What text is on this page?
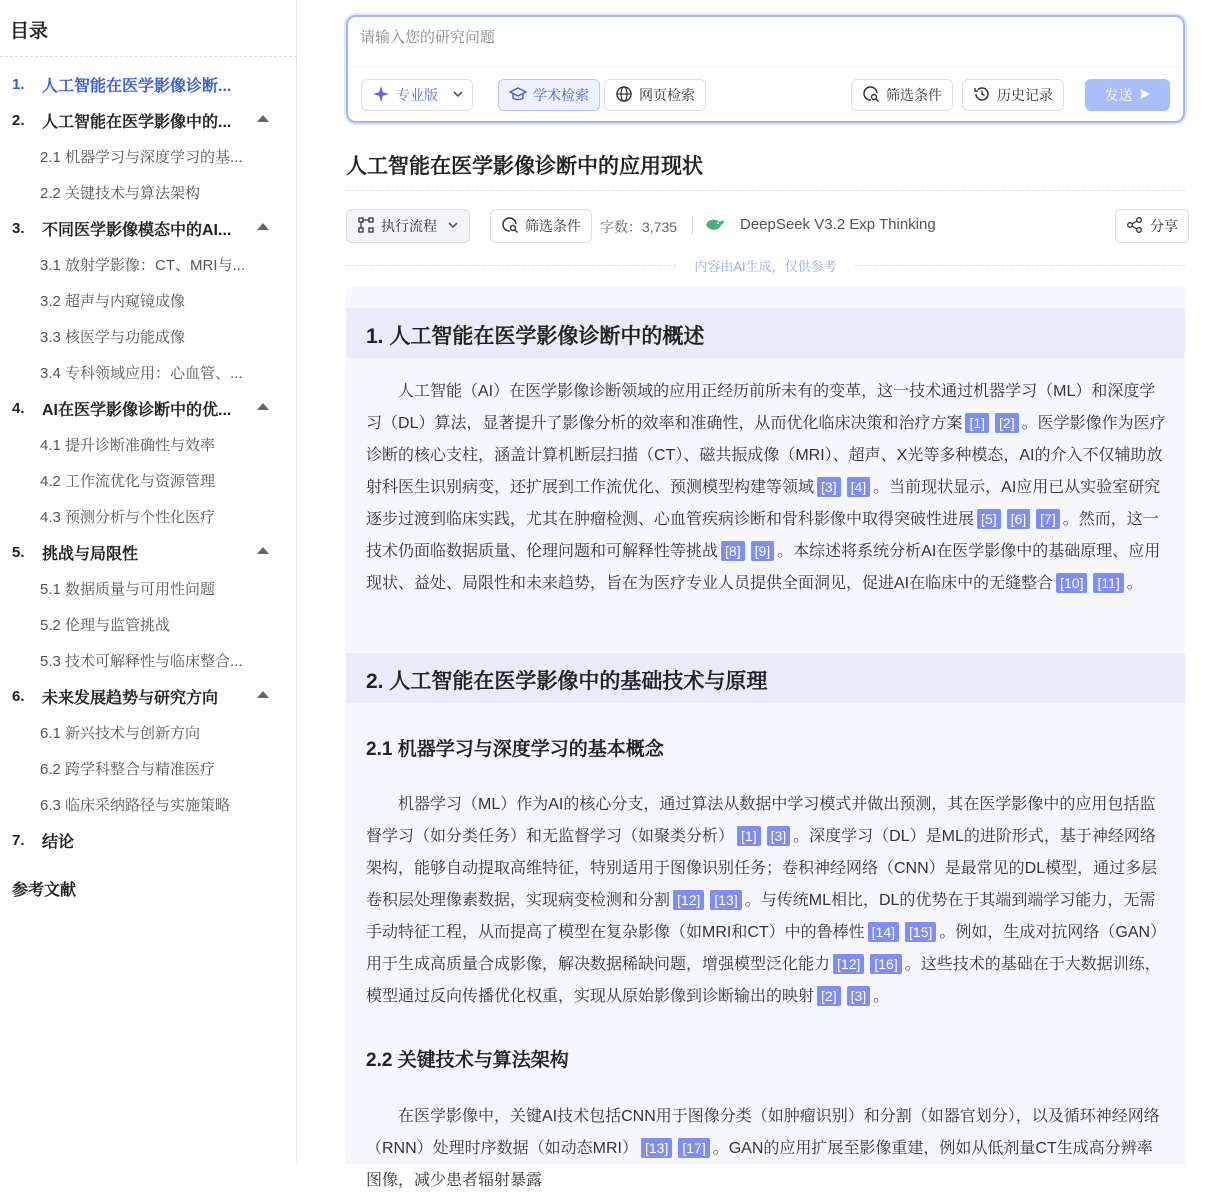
目录
1. 人工智能在医学影像诊断...
2. 人工智能在医学影像中的...
2.1 机器学习与深度学习的基...
2.2 关键技术与算法架构
3. 不同医学影像模态中的AI...
3.1 放射学影像：CT、MRI与...
3.2 超声与内窥镜成像
3.3 核医学与功能成像
3.4 专科领域应用：心血管、...
4. AI在医学影像诊断中的优...
4.1 提升诊断准确性与效率
4.2 工作流优化与资源管理
4.3 预测分析与个性化医疗
5. 挑战与局限性
5.1 数据质量与可用性问题
5.2 伦理与监管挑战
5.3 技术可解释性与临床整合...
6. 未来发展趋势与研究方向
6.1 新兴技术与创新方向
6.2 跨学科整合与精准医疗
6.3 临床采纳路径与实施策略
7. 结论
参考文献
请输入您的研究问题
专业版	学术检索	网页检索	筛选条件	历史记录	发送
人工智能在医学影像诊断中的应用现状
执行流程	筛选条件 字数：3,735	DeepSeek V3.2 Exp Thinking	分享
内容由AI生成，仅供参考
1. 人工智能在医学影像诊断中的概述
人工智能（AI）在医学影像诊断领域的应用正经历前所未有的变革，这一技术通过机器学习（ML）和深度学习（DL）算法，显著提升了影像分析的效率和准确性，从而优化临床决策和治疗方案 [1] [2] 。医学影像作为医疗诊断的核心支柱，涵盖计算机断层扫描（CT）、磁共振成像（MRI）、超声、X光等多种模态，AI的介入不仅辅助放射科医生识别病变，还扩展到工作流优化、预测模型构建等领域 [3] [4] 。当前现状显示，AI应用已从实验室研究逐步过渡到临床实践，尤其在肿瘤检测、心血管疾病诊断和骨科影像中取得突破性进展 [5] [6] [7] 。然而，这一技术仍面临数据质量、伦理问题和可解释性等挑战 [8] [9] 。本综述将系统分析AI在医学影像中的基础原理、应用现状、益处、局限性和未来趋势，旨在为医疗专业人员提供全面洞见，促进AI在临床中的无缝整合 [10] [11] 。
2. 人工智能在医学影像中的基础技术与原理
2.1 机器学习与深度学习的基本概念
机器学习（ML）作为AI的核心分支，通过算法从数据中学习模式并做出预测，其在医学影像中的应用包括监督学习（如分类任务）和无监督学习（如聚类分析） [1] [3] 。深度学习（DL）是ML的进阶形式，基于神经网络架构，能够自动提取高维特征，特别适用于图像识别任务；卷积神经网络（CNN）是最常见的DL模型，通过多层卷积层处理像素数据，实现病变检测和分割 [12] [13] 。与传统ML相比，DL的优势在于其端到端学习能力，无需手动特征工程，从而提高了模型在复杂影像（如MRI和CT）中的鲁棒性 [14] [15] 。例如，生成对抗网络（GAN）用于生成高质量合成影像，解决数据稀缺问题，增强模型泛化能力 [12] [16] 。这些技术的基础在于大数据训练，模型通过反向传播优化权重，实现从原始影像到诊断输出的映射 [2] [3] 。
2.2 关键技术与算法架构
在医学影像中，关键AI技术包括CNN用于图像分类（如肿瘤识别）和分割（如器官划分），以及循环神经网络（RNN）处理时序数据（如动态MRI） [13] [17] 。GAN的应用扩展至影像重建，例如从低剂量CT生成高分辨率图像，减少患者辐射暴露
